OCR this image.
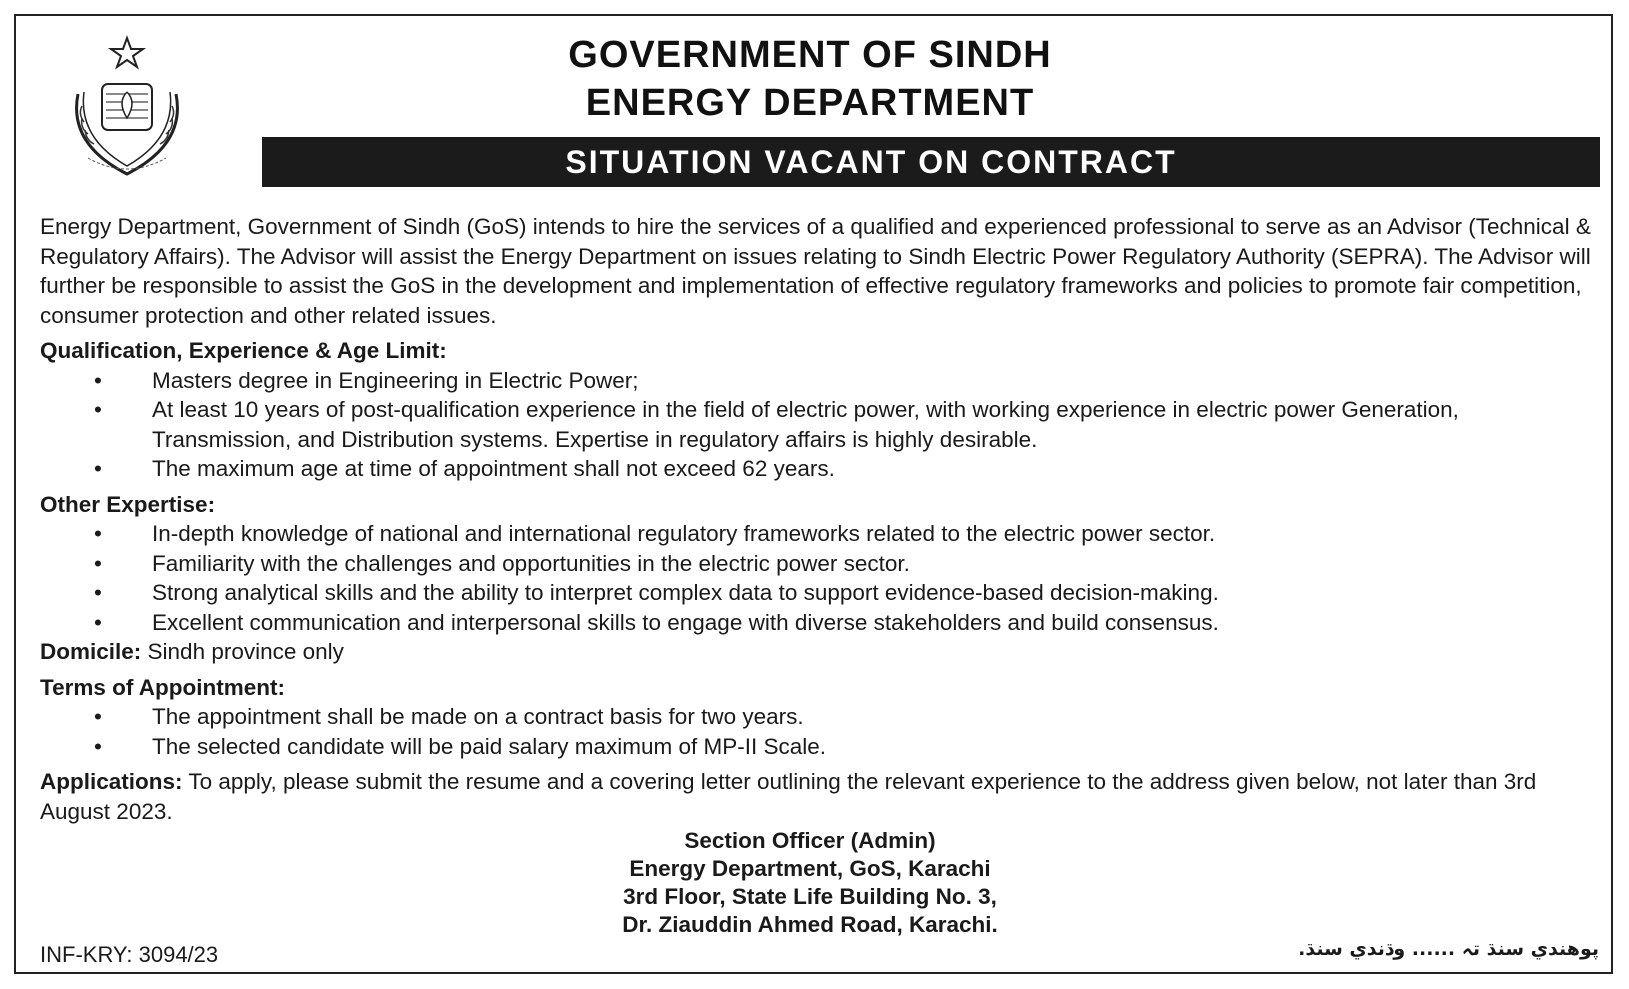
GOVERNMENT OF SINDH
ENERGY DEPARTMENT
SITUATION VACANT ON CONTRACT

Energy Department, Government of Sindh (GoS) intends to hire the services of a qualified and experienced professional to serve as an Advisor (Technical & Regulatory Affairs). The Advisor will assist the Energy Department on issues relating to Sindh Electric Power Regulatory Authority (SEPRA). The Advisor will further be responsible to assist the GoS in the development and implementation of effective regulatory frameworks and policies to promote fair competition, consumer protection and other related issues.

Qualification, Experience & Age Limit:

• Masters degree in Engineering in Electric Power;
• At least 10 years of post-qualification experience in the field of electric power, with working experience in electric power Generation, Transmission, and Distribution systems. Expertise in regulatory affairs is highly desirable.
• The maximum age at time of appointment shall not exceed 62 years.

Other Expertise:

• In-depth knowledge of national and international regulatory frameworks related to the electric power sector.
• Familiarity with the challenges and opportunities in the electric power sector.
• Strong analytical skills and the ability to interpret complex data to support evidence-based decision-making.
• Excellent communication and interpersonal skills to engage with diverse stakeholders and build consensus.

Domicile: Sindh province only

Terms of Appointment:

• The appointment shall be made on a contract basis for two years.
• The selected candidate will be paid salary maximum of MP-II Scale.

Applications: To apply, please submit the resume and a covering letter outlining the relevant experience to the address given below, not later than 3rd August 2023.

Section Officer (Admin)
Energy Department, GoS, Karachi
3rd Floor, State Life Building No. 3,
Dr. Ziauddin Ahmed Road, Karachi.
INF-KRY: 3094/23	پوهندي سنڌ تہ ...... وڌندي سنڌ.
